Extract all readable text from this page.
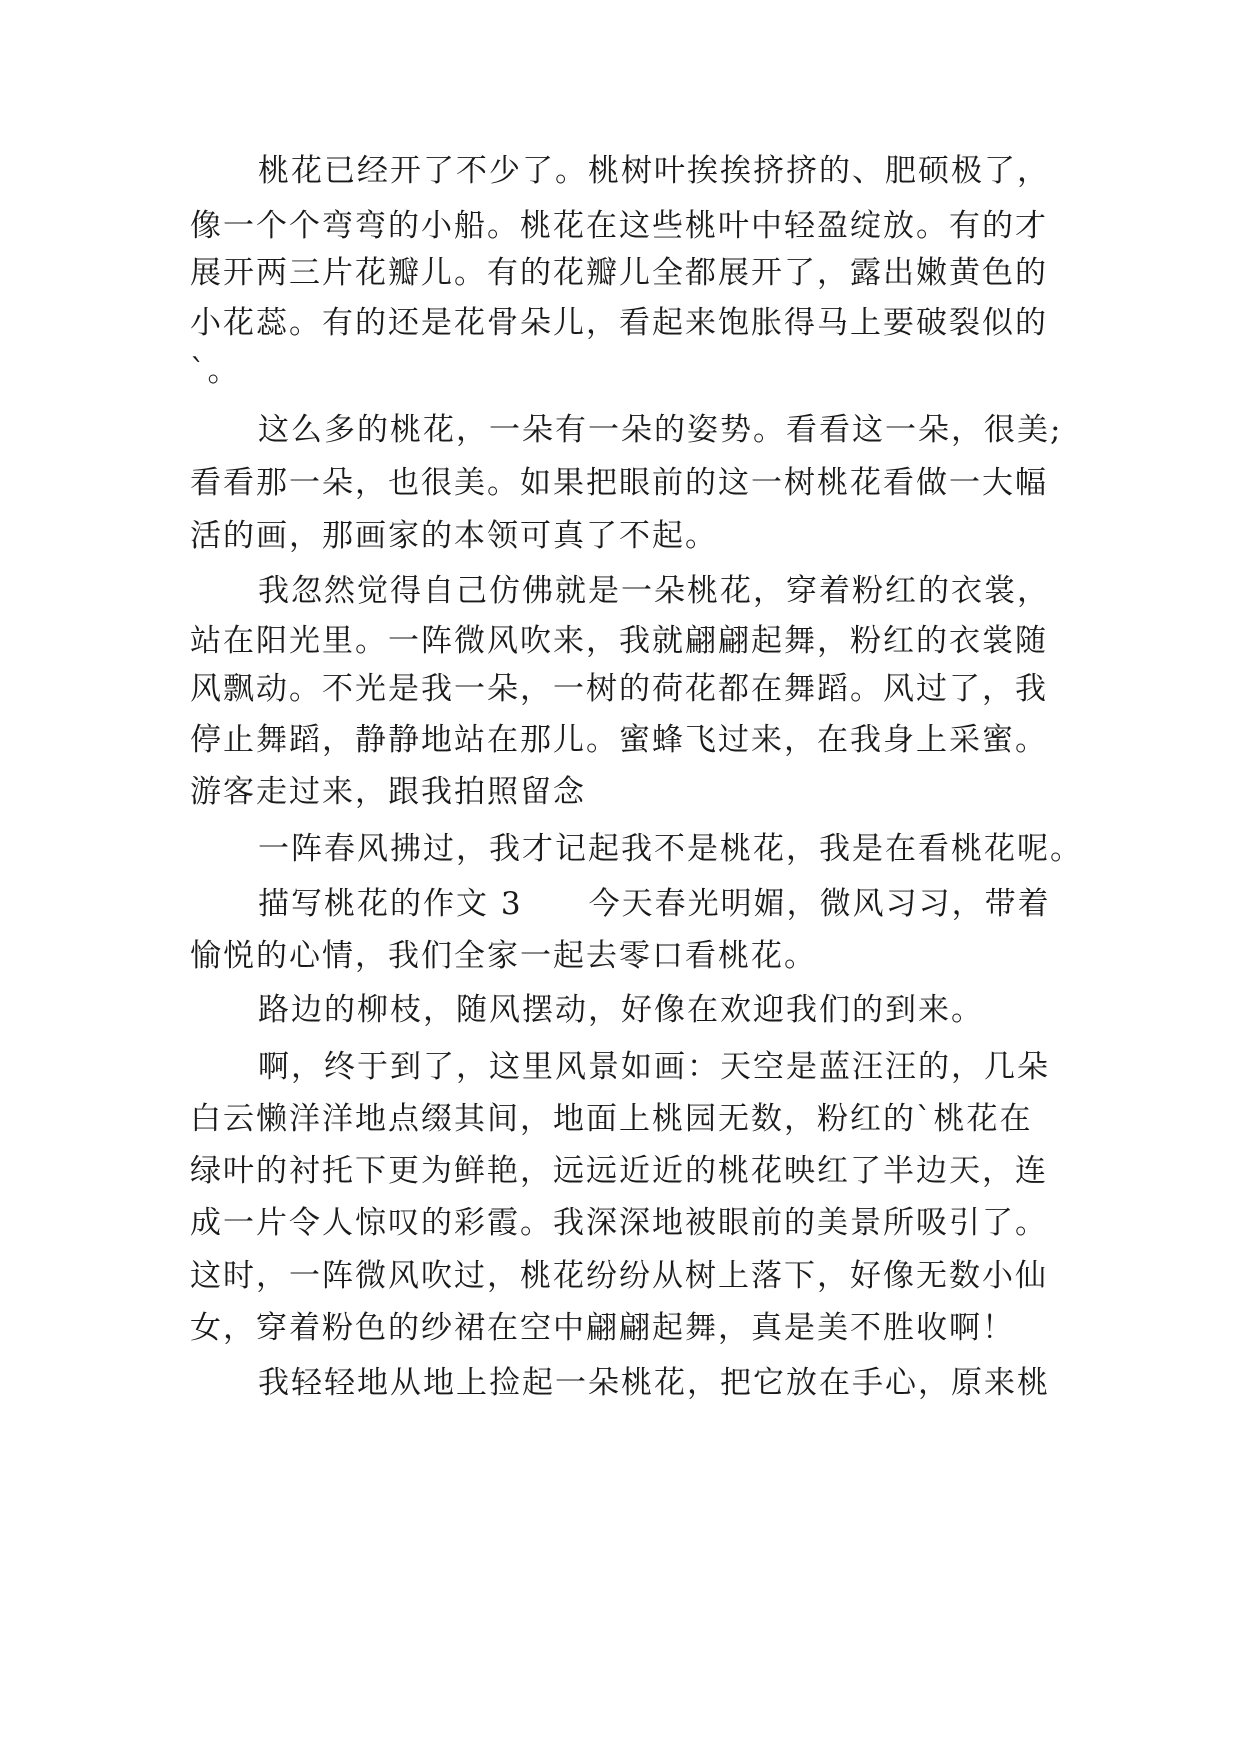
桃花已经开了不少了。桃树叶挨挨挤挤的、肥硕极了，
像一个个弯弯的小船。桃花在这些桃叶中轻盈绽放。有的才
展开两三片花瓣儿。有的花瓣儿全都展开了，露出嫩黄色的
小花蕊。有的还是花骨朵儿，看起来饱胀得马上要破裂似的
`。
这么多的桃花，一朵有一朵的姿势。看看这一朵，很美;
看看那一朵，也很美。如果把眼前的这一树桃花看做一大幅
活的画，那画家的本领可真了不起。
我忽然觉得自己仿佛就是一朵桃花，穿着粉红的衣裳，
站在阳光里。一阵微风吹来，我就翩翩起舞，粉红的衣裳随
风飘动。不光是我一朵，一树的荷花都在舞蹈。风过了，我
停止舞蹈，静静地站在那儿。蜜蜂飞过来，在我身上采蜜。
游客走过来，跟我拍照留念
一阵春风拂过，我才记起我不是桃花，我是在看桃花呢。
描写桃花的作文 3　　今天春光明媚，微风习习，带着
愉悦的心情，我们全家一起去零口看桃花。
路边的柳枝，随风摆动，好像在欢迎我们的到来。
啊，终于到了，这里风景如画：天空是蓝汪汪的，几朵
白云懒洋洋地点缀其间，地面上桃园无数，粉红的`桃花在
绿叶的衬托下更为鲜艳，远远近近的桃花映红了半边天，连
成一片令人惊叹的彩霞。我深深地被眼前的美景所吸引了。
这时，一阵微风吹过，桃花纷纷从树上落下，好像无数小仙
女，穿着粉色的纱裙在空中翩翩起舞，真是美不胜收啊！
我轻轻地从地上捡起一朵桃花，把它放在手心，原来桃
